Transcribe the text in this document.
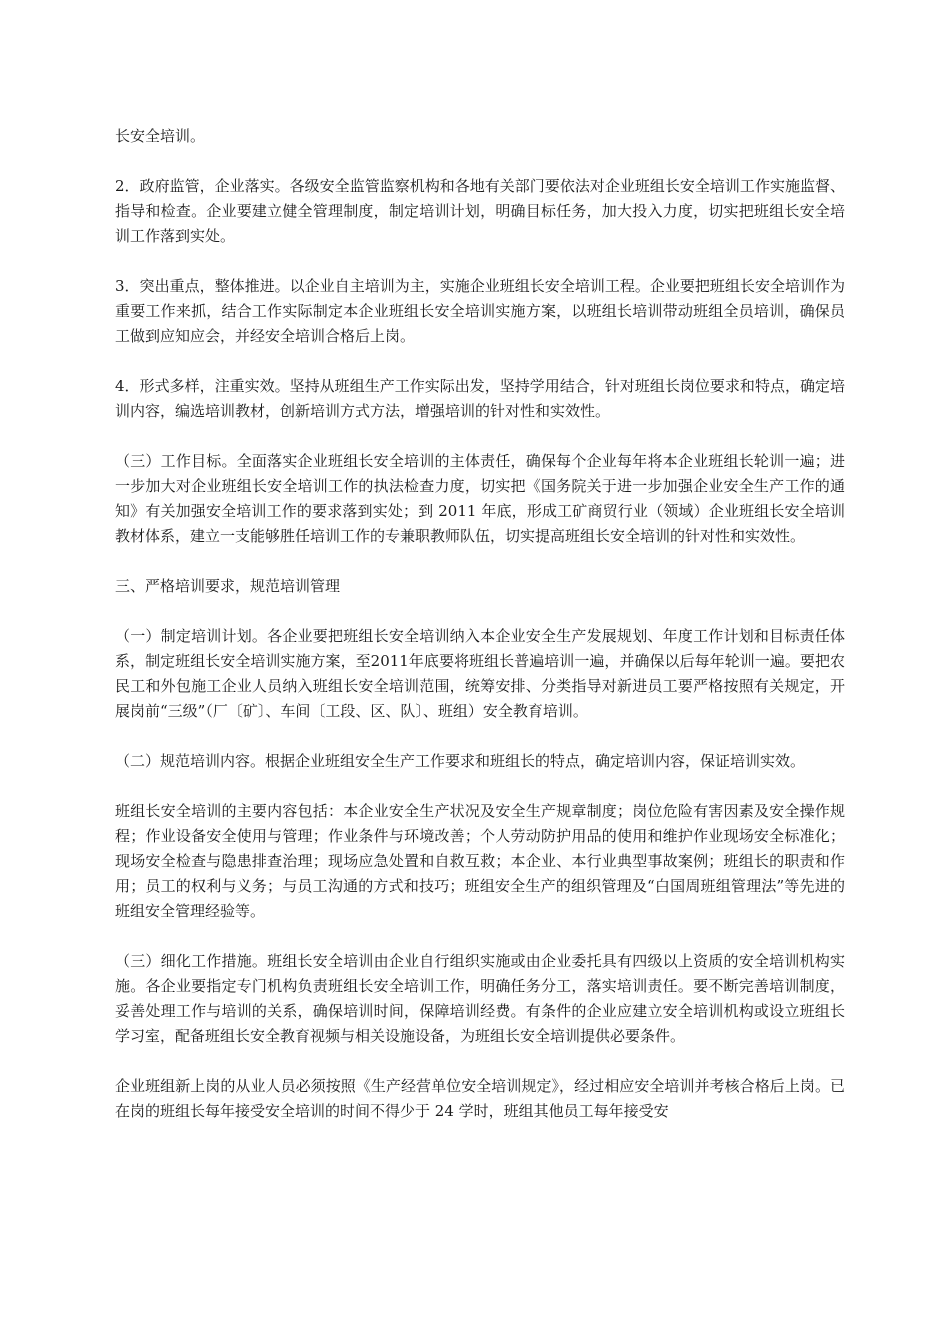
长安全培训。

2．政府监管，企业落实。各级安全监管监察机构和各地有关部门要依法对企业班组长安全培训工作实施监督、指导和检查。企业要建立健全管理制度，制定培训计划，明确目标任务，加大投入力度，切实把班组长安全培训工作落到实处。

3．突出重点，整体推进。以企业自主培训为主，实施企业班组长安全培训工程。企业要把班组长安全培训作为重要工作来抓，结合工作实际制定本企业班组长安全培训实施方案，以班组长培训带动班组全员培训，确保员工做到应知应会，并经安全培训合格后上岗。

4．形式多样，注重实效。坚持从班组生产工作实际出发，坚持学用结合，针对班组长岗位要求和特点，确定培训内容，编选培训教材，创新培训方式方法，增强培训的针对性和实效性。

（三）工作目标。全面落实企业班组长安全培训的主体责任，确保每个企业每年将本企业班组长轮训一遍；进一步加大对企业班组长安全培训工作的执法检查力度，切实把《国务院关于进一步加强企业安全生产工作的通知》有关加强安全培训工作的要求落到实处；到 2011 年底，形成工矿商贸行业（领域）企业班组长安全培训教材体系，建立一支能够胜任培训工作的专兼职教师队伍，切实提高班组长安全培训的针对性和实效性。

三、严格培训要求，规范培训管理

（一）制定培训计划。各企业要把班组长安全培训纳入本企业安全生产发展规划、年度工作计划和目标责任体系，制定班组长安全培训实施方案，至2011年底要将班组长普遍培训一遍，并确保以后每年轮训一遍。要把农民工和外包施工企业人员纳入班组长安全培训范围，统筹安排、分类指导对新进员工要严格按照有关规定，开展岗前“三级”（厂〔矿〕、车间〔工段、区、队〕、班组）安全教育培训。

（二）规范培训内容。根据企业班组安全生产工作要求和班组长的特点，确定培训内容，保证培训实效。

班组长安全培训的主要内容包括：本企业安全生产状况及安全生产规章制度；岗位危险有害因素及安全操作规程；作业设备安全使用与管理；作业条件与环境改善；个人劳动防护用品的使用和维护作业现场安全标准化；现场安全检查与隐患排查治理；现场应急处置和自救互救；本企业、本行业典型事故案例；班组长的职责和作用；员工的权利与义务；与员工沟通的方式和技巧；班组安全生产的组织管理及“白国周班组管理法”等先进的班组安全管理经验等。

（三）细化工作措施。班组长安全培训由企业自行组织实施或由企业委托具有四级以上资质的安全培训机构实施。各企业要指定专门机构负责班组长安全培训工作，明确任务分工，落实培训责任。要不断完善培训制度，妥善处理工作与培训的关系，确保培训时间，保障培训经费。有条件的企业应建立安全培训机构或设立班组长学习室，配备班组长安全教育视频与相关设施设备，为班组长安全培训提供必要条件。

企业班组新上岗的从业人员必须按照《生产经营单位安全培训规定》，经过相应安全培训并考核合格后上岗。已在岗的班组长每年接受安全培训的时间不得少于 24 学时，班组其他员工每年接受安
